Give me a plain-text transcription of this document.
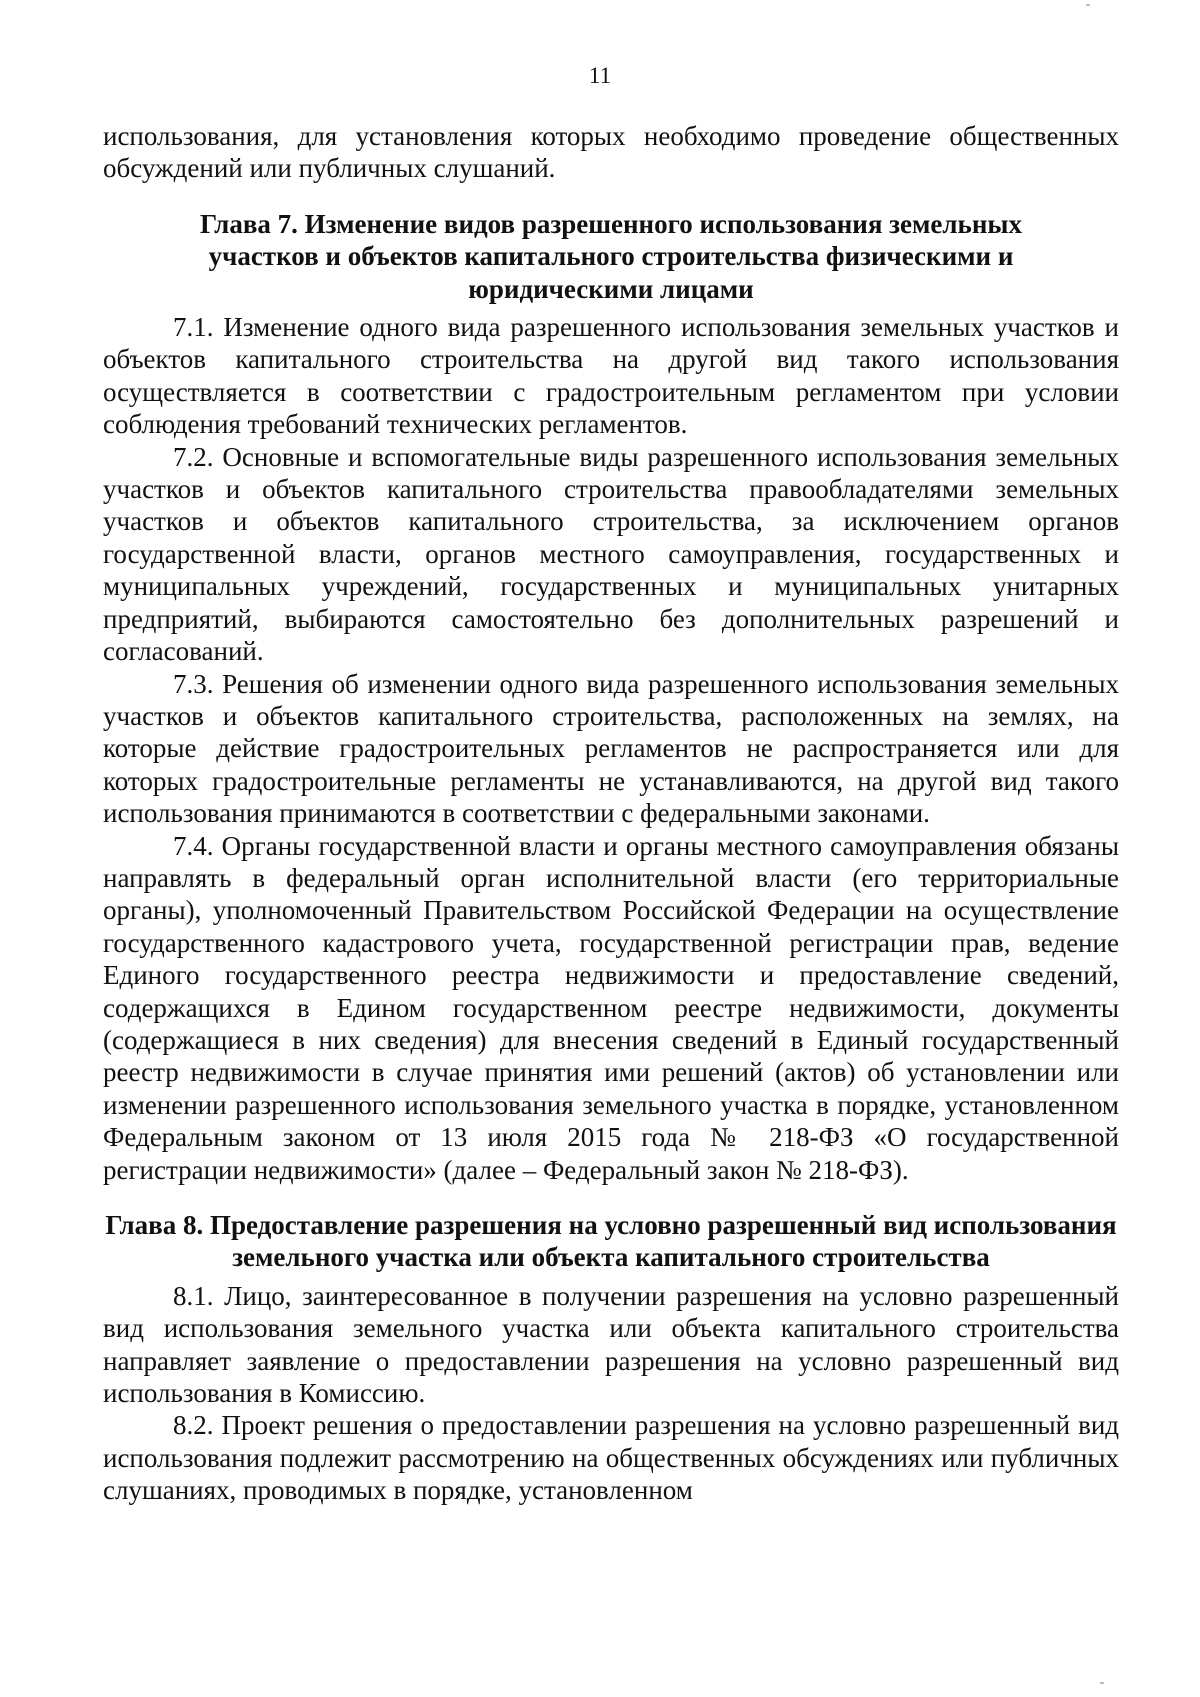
11

использования, для установления которых необходимо проведение общественных обсуждений или публичных слушаний.

Глава 7. Изменение видов разрешенного использования земельных участков и объектов капитального строительства физическими и юридическими лицами

7.1. Изменение одного вида разрешенного использования земельных участков и объектов капитального строительства на другой вид такого использования осуществляется в соответствии с градостроительным регламентом при условии соблюдения требований технических регламентов.

7.2. Основные и вспомогательные виды разрешенного использования земельных участков и объектов капитального строительства правообладателями земельных участков и объектов капитального строительства, за исключением органов государственной власти, органов местного самоуправления, государственных и муниципальных учреждений, государственных и муниципальных унитарных предприятий, выбираются самостоятельно без дополнительных разрешений и согласований.

7.3. Решения об изменении одного вида разрешенного использования земельных участков и объектов капитального строительства, расположенных на землях, на которые действие градостроительных регламентов не распространяется или для которых градостроительные регламенты не устанавливаются, на другой вид такого использования принимаются в соответствии с федеральными законами.

7.4. Органы государственной власти и органы местного самоуправления обязаны направлять в федеральный орган исполнительной власти (его территориальные органы), уполномоченный Правительством Российской Федерации на осуществление государственного кадастрового учета, государственной регистрации прав, ведение Единого государственного реестра недвижимости и предоставление сведений, содержащихся в Едином государственном реестре недвижимости, документы (содержащиеся в них сведения) для внесения сведений в Единый государственный реестр недвижимости в случае принятия ими решений (актов) об установлении или изменении разрешенного использования земельного участка в порядке, установленном Федеральным законом от 13 июля 2015 года № 218-ФЗ «О государственной регистрации недвижимости» (далее – Федеральный закон № 218-ФЗ).

Глава 8. Предоставление разрешения на условно разрешенный вид использования земельного участка или объекта капитального строительства

8.1. Лицо, заинтересованное в получении разрешения на условно разрешенный вид использования земельного участка или объекта капитального строительства направляет заявление о предоставлении разрешения на условно разрешенный вид использования в Комиссию.

8.2. Проект решения о предоставлении разрешения на условно разрешенный вид использования подлежит рассмотрению на общественных обсуждениях или публичных слушаниях, проводимых в порядке, установленном
